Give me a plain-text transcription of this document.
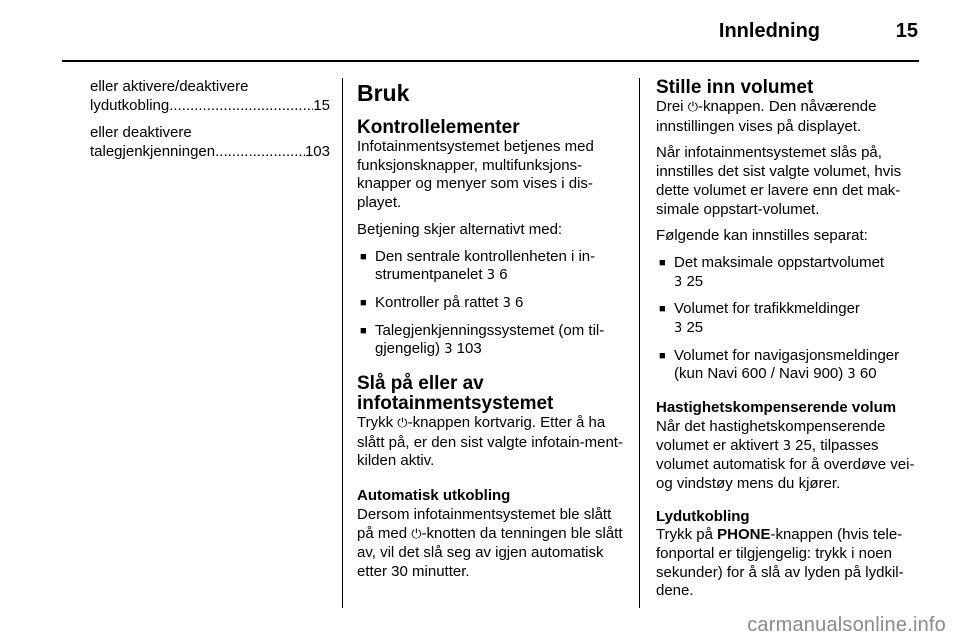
Innledning	15
eller aktivere/deaktivere
lydutkobling .....	15
eller deaktivere
talegjenkjenningen .....	103
Bruk
Kontrollelementer

Infotainmentsystemet betjenes med funksjonsknapper, multifunksjons-knapper og menyer som vises i dis-playet.

Betjening skjer alternativt med:

■ Den sentrale kontrollenheten i in-strumentpanelet 3 6
■ Kontroller på rattet 3 6
■ Talegjenkjenningssystemet (om til-gjengelig) 3 103
Slå på eller av infotainmentsystemet

Trykk ⏻-knappen kortvarig. Etter å ha slått på, er den sist valgte infotain-ment-kilden aktiv.

Automatisk utkobling

Dersom infotainmentsystemet ble slått på med ⏻-knotten da tenningen ble slått av, vil det slå seg av igjen automatisk etter 30 minutter.

Stille inn volumet

Drei ⏻-knappen. Den nåværende innstillingen vises på displayet.

Når infotainmentsystemet slås på, innstilles det sist valgte volumet, hvis dette volumet er lavere enn det mak-simale oppstart-volumet.

Følgende kan innstilles separat:

■ Det maksimale oppstartvolumet
3 25
■ Volumet for trafikkmeldinger
3 25
■ Volumet for navigasjonsmeldinger (kun Navi 600 / Navi 900) 3 60
Hastighetskompenserende volum

Når det hastighetskompenserende volumet er aktivert 3 25, tilpasses volumet automatisk for å overdøve vei- og vindstøy mens du kjører.

Lydutkobling

Trykk på PHONE-knappen (hvis tele-fonportal er tilgjengelig: trykk i noen sekunder) for å slå av lyden på lydkil-dene.

carmanualsonline.info
